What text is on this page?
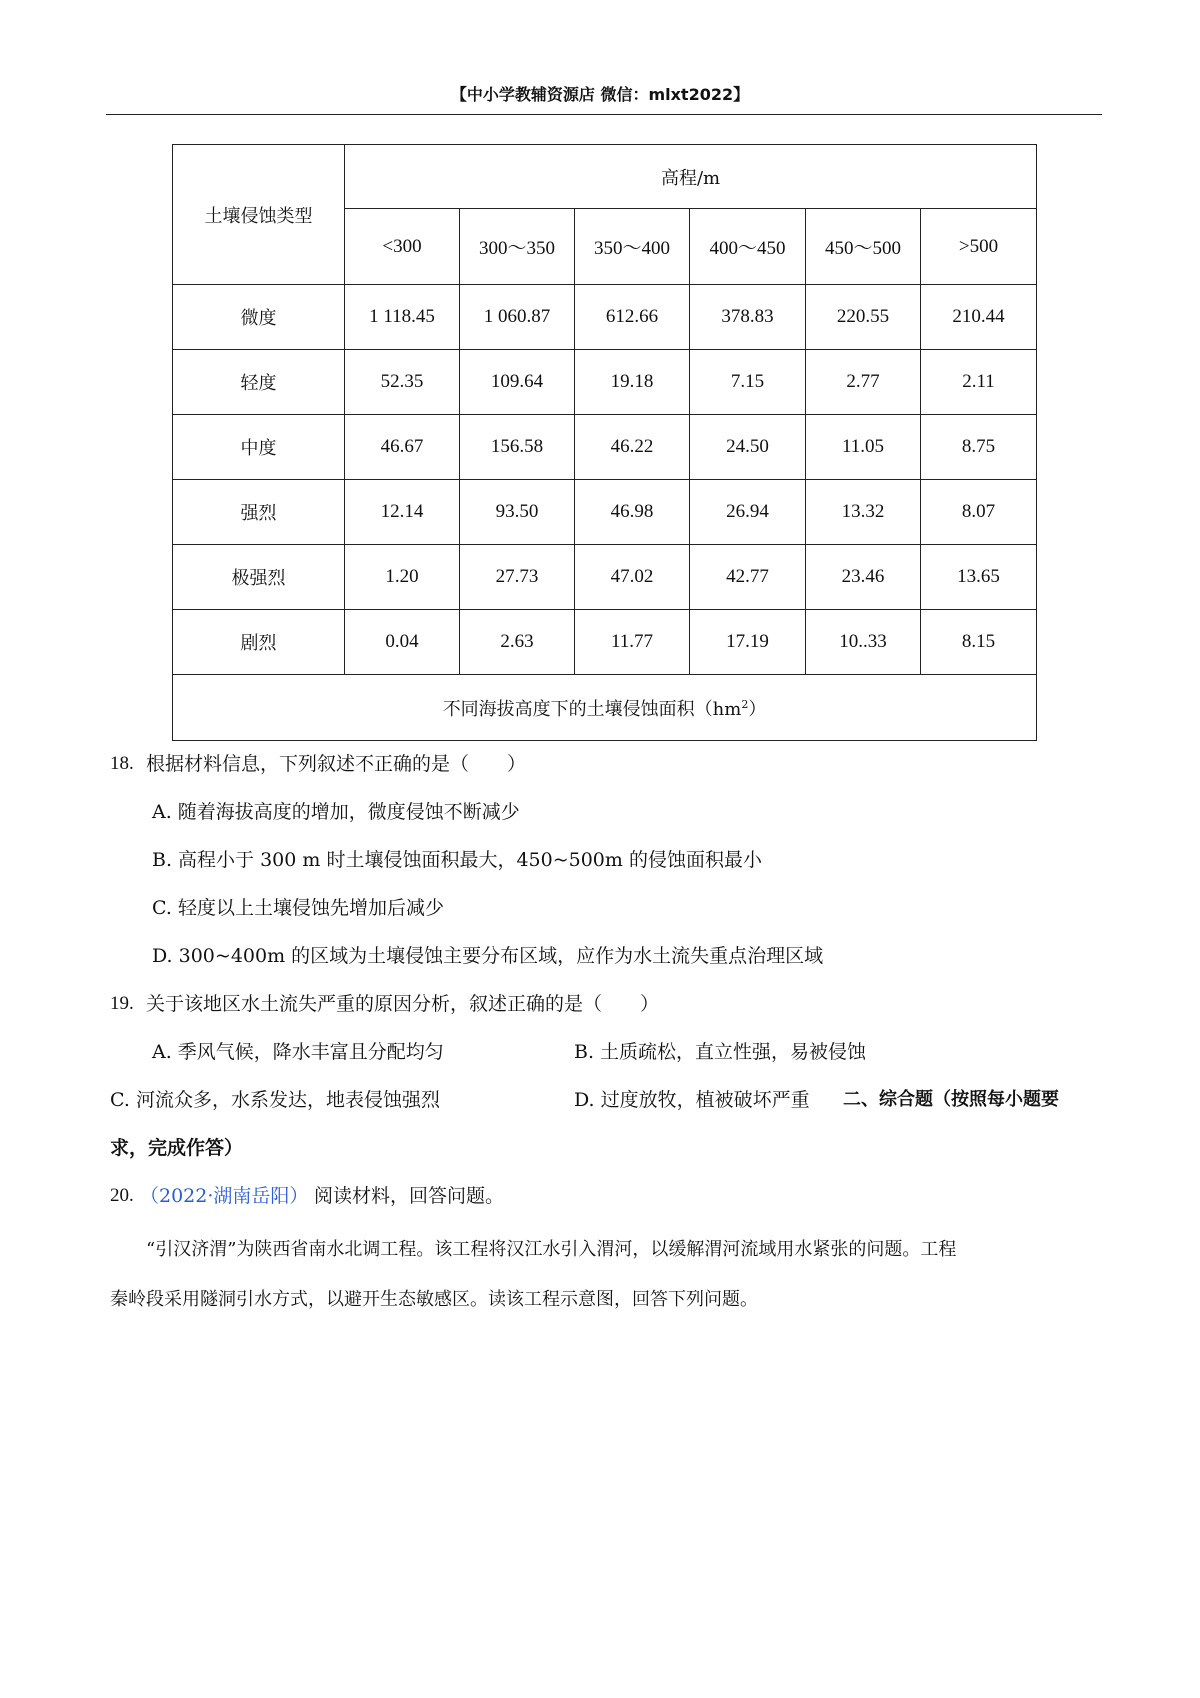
【中小学教辅资源店 微信：mlxt2022】
土壤侵蚀类型	高程/m					
	<300	300～350	350～400	400～450	450～500	>500
微度	1 118.45	1 060.87	612.66	378.83	220.55	210.44
轻度	52.35	109.64	19.18	7.15	2.77	2.11
中度	46.67	156.58	46.22	24.50	11.05	8.75
强烈	12.14	93.50	46.98	26.94	13.32	8.07
极强烈	1.20	27.73	47.02	42.77	23.46	13.65
剧烈	0.04	2.63	11.77	17.19	10..33	8.15
不同海拔高度下的土壤侵蚀面积$(hm^2)$						
18. 根据材料信息，下列叙述不正确的是（　　）
A. 随着海拔高度的增加，微度侵蚀不断减少
B. 高程小于 300 m 时土壤侵蚀面积最大，450~500m 的侵蚀面积最小
C. 轻度以上土壤侵蚀先增加后减少
D. 300~400m 的区域为土壤侵蚀主要分布区域，应作为水土流失重点治理区域
19. 关于该地区水土流失严重的原因分析，叙述正确的是（　　）
A. 季风气候，降水丰富且分配均匀	B. 土质疏松，直立性强，易被侵蚀
C. 河流众多，水系发达，地表侵蚀强烈	D. 过度放牧，植被破坏严重 二、综合题（按照每小题要
求，完成作答）
20. （2022·湖南岳阳） 阅读材料，回答问题。
“引汉济渭”为陕西省南水北调工程。该工程将汉江水引入渭河，以缓解渭河流域用水紧张的问题。工程
秦岭段采用隧洞引水方式，以避开生态敏感区。读该工程示意图，回答下列问题。
